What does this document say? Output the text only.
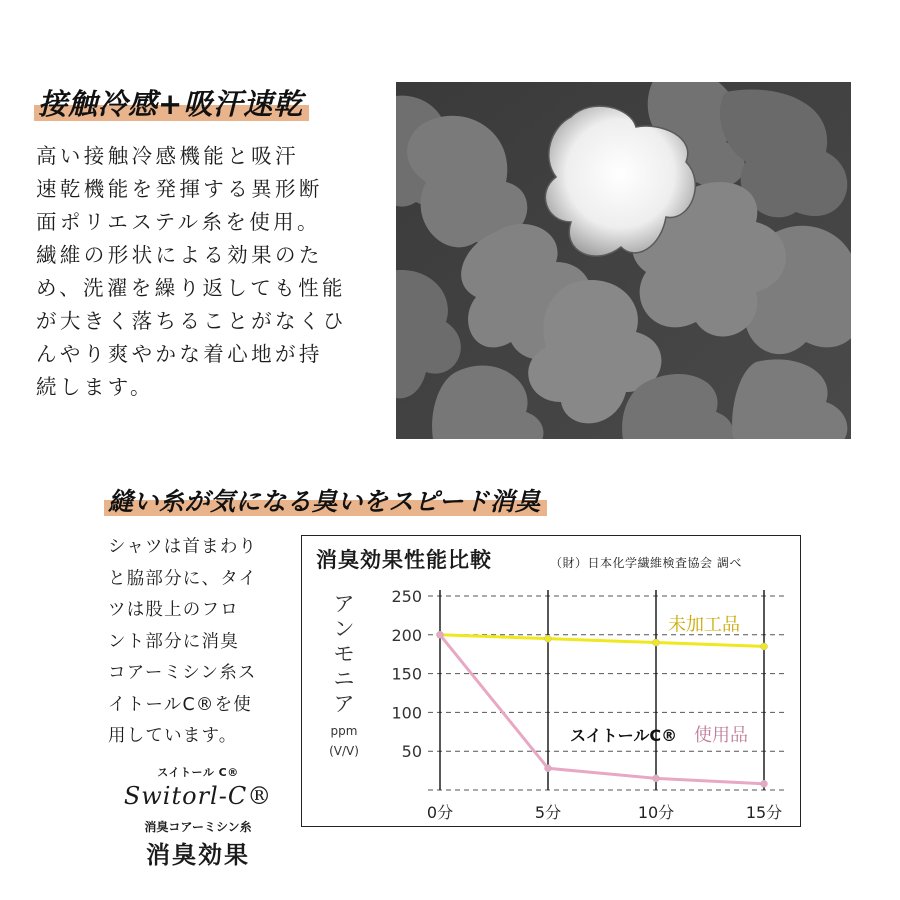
接触冷感+吸汗速乾
高い接触冷感機能と吸汗
速乾機能を発揮する異形断
面ポリエステル糸を使用。
繊維の形状による効果のた
め、洗濯を繰り返しても性能
が大きく落ちることがなくひ
んやり爽やかな着心地が持
続します。
縫い糸が気になる臭いをスピード消臭
シャツは首まわり
と脇部分に、タイ
ツは股上のフロ
ント部分に消臭
コアーミシン糸ス
イトールC®を使
用しています。
スイトール C®
Switorl-C®
消臭コアーミシン糸
消臭効果
50
100
150
200
250
0分	5分	10分	15分
未加工品
スイトールC® 使用品
消臭効果性能比較	（財）日本化学繊維検査協会 調べ
ア
ン
モ
ニ
ア
ppm
(V/V)
